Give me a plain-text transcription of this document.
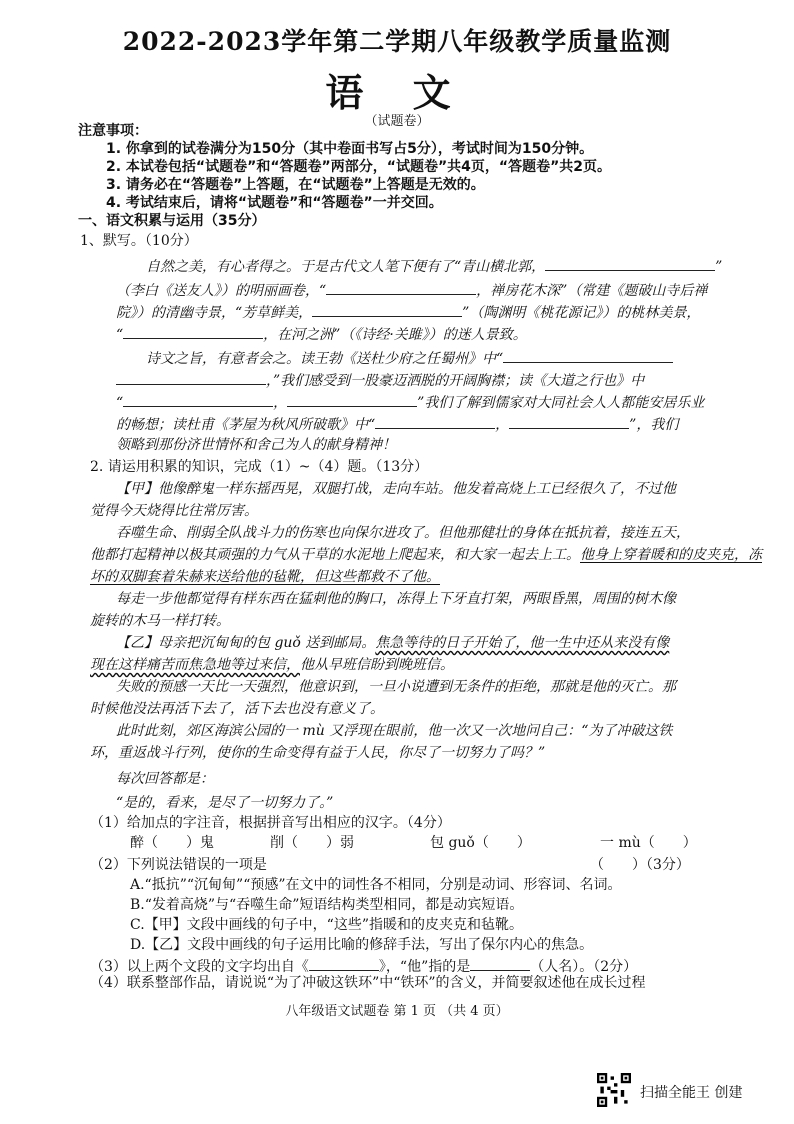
2022-2023学年第二学期八年级教学质量监测
语 文
（试题卷）
注意事项：
1. 你拿到的试卷满分为150分（其中卷面书写占5分），考试时间为150分钟。
2. 本试卷包括“试题卷”和“答题卷”两部分，“试题卷”共4页，“答题卷”共2页。
3. 请务必在“答题卷”上答题，在“试题卷”上答题是无效的。
4. 考试结束后，请将“试题卷”和“答题卷”一并交回。
一、语文积累与运用（35分）
1、默写。（10分）
自然之美，有心者得之。于是古代文人笔下便有了“青山横北郭，	”
（李白《送友人》）的明丽画卷，“	，禅房花木深”（常建《题破山寺后禅
院》）的清幽寺景，“芳草鲜美，	”（陶渊明《桃花源记》）的桃林美景，
“	，在河之洲”（《诗经·关雎》）的迷人景致。
诗文之旨，有意者会之。读王勃《送杜少府之任蜀州》中“
，”我们感受到一股豪迈洒脱的开阔胸襟；读《大道之行也》中
“	，	”我们了解到儒家对大同社会人人都能安居乐业
的畅想；读杜甫《茅屋为秋风所破歌》中“	，	”，我们
领略到那份济世情怀和舍己为人的献身精神！
2. 请运用积累的知识，完成（1）~（4）题。（13分）
【甲】他像醉鬼一样东摇西晃，双腿打战，走向车站。他发着高烧上工已经很久了，不过他
觉得今天烧得比往常厉害。
吞噬生命、削弱全队战斗力的伤寒也向保尔进攻了。但他那健壮的身体在抵抗着，接连五天，
他都打起精神以极其顽强的力气从干草的水泥地上爬起来，和大家一起去上工。他身上穿着暖和的皮夹克，冻
坏的双脚套着朱赫来送给他的毡靴，但这些都救不了他。
每走一步他都觉得有样东西在猛刺他的胸口，冻得上下牙直打架，两眼昏黑，周围的树木像
旋转的木马一样打转。
【乙】母亲把沉甸甸的包 guǒ 送到邮局。焦急等待的日子开始了，他一生中还从来没有像
现在这样痛苦而焦急地等过来信，他从早班信盼到晚班信。
失败的预感一天比一天强烈，他意识到，一旦小说遭到无条件的拒绝，那就是他的灭亡。那
时候他没法再活下去了，活下去也没有意义了。
此时此刻，郊区海滨公园的一 mù 又浮现在眼前，他一次又一次地问自己：“为了冲破这铁
环，重返战斗行列，使你的生命变得有益于人民，你尽了一切努力了吗？”
每次回答都是：
“是的，看来，是尽了一切努力了。”
（1）给加点的字注音，根据拼音写出相应的汉字。（4分）
醉（　　）鬼	削（　　）弱	包 guǒ（　　）	一 mù（　　）
（2）下列说法错误的一项是	（　　）（3分）
A.“抵抗”“沉甸甸”“预感”在文中的词性各不相同，分别是动词、形容词、名词。
B.“发着高烧”与“吞噬生命”短语结构类型相同，都是动宾短语。
C.【甲】文段中画线的句子中，“这些”指暖和的皮夹克和毡靴。
D.【乙】文段中画线的句子运用比喻的修辞手法，写出了保尔内心的焦急。
（3）以上两个文段的文字均出自《	》，“他”指的是	（人名）。（2分）
（4）联系整部作品，请说说“为了冲破这铁环”中“铁环”的含义，并简要叙述他在成长过程
八年级语文试题卷 第 1 页 （共 4 页）
扫描全能王 创建
